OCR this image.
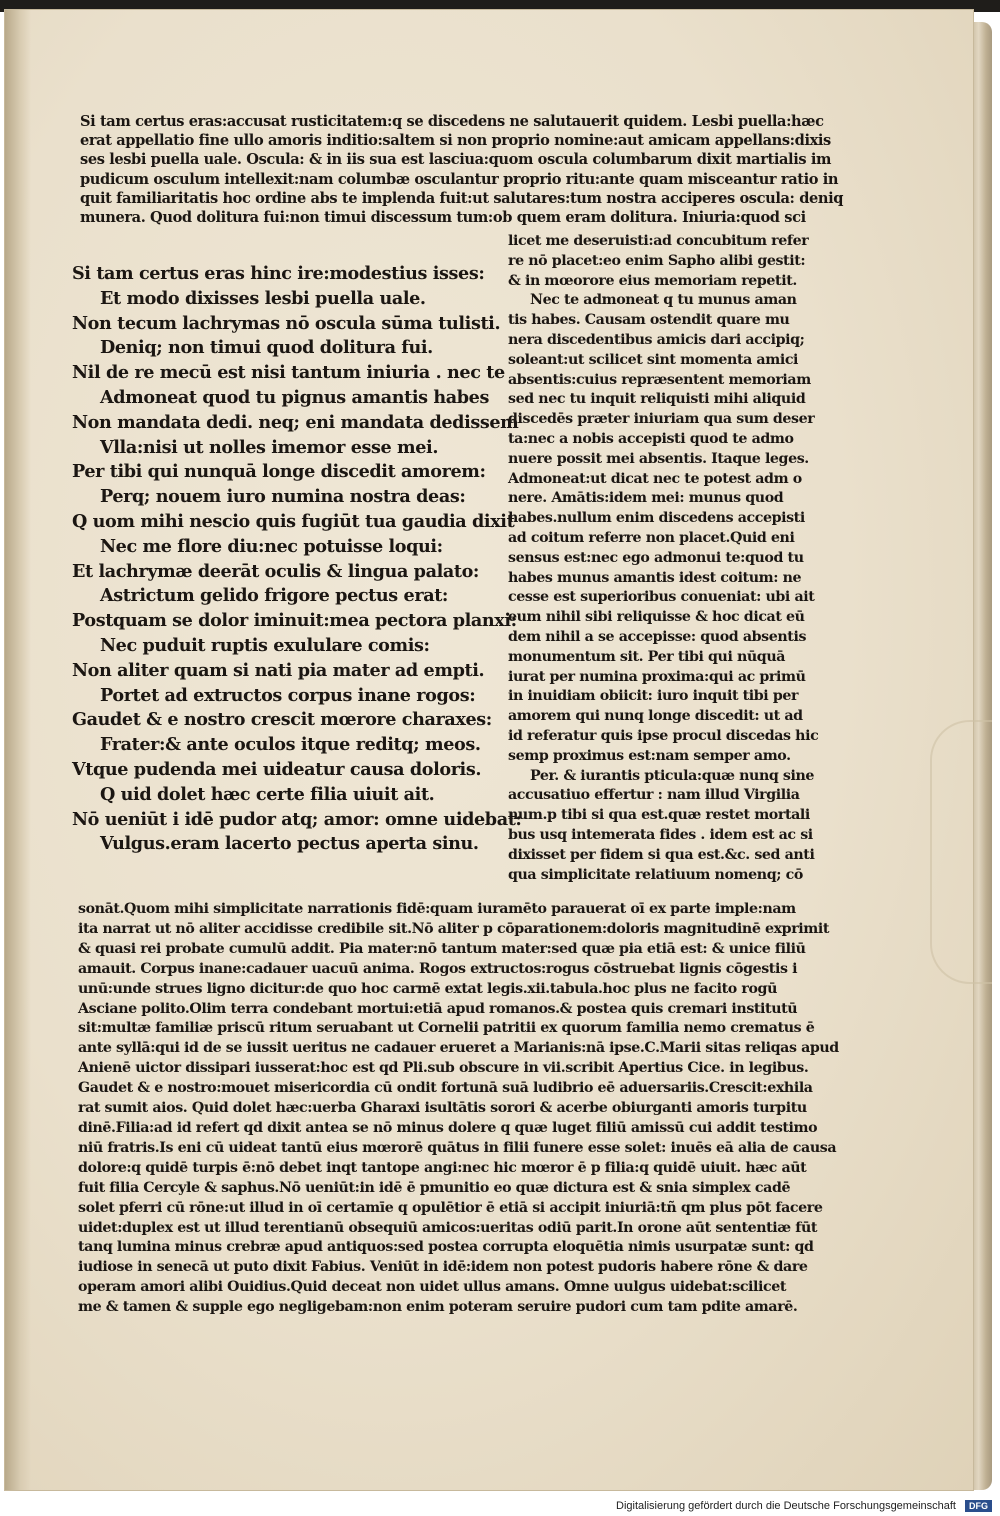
Si tam certus eras:accusat rusticitatem:q se discedens ne salutauerit quidem. Lesbi puella:hæc
erat appellatio fine ullo amoris inditio:saltem si non proprio nomine:aut amicam appellans:dixis
ses lesbi puella uale. Oscula: & in iis sua est lasciua:quom oscula columbarum dixit martialis im
pudicum osculum intellexit:nam columbæ osculantur proprio ritu:ante quam misceantur ratio in
quit familiaritatis hoc ordine abs te implenda fuit:ut salutares:tum nostra acciperes oscula: deniq
munera. Quod dolitura fui:non timui discessum tum:ob quem eram dolitura. Iniuria:quod sci
Si tam certus eras hinc ire:modestius isses:
Et modo dixisses lesbi puella uale.
Non tecum lachrymas nō oscula sūma tulisti.
Deniq; non timui quod dolitura fui.
Nil de re mecū est nisi tantum iniuria . nec te
Admoneat quod tu pignus amantis habes
Non mandata dedi. neq; eni mandata dedissem
Vlla:nisi ut nolles imemor esse mei.
Per tibi qui nunquā longe discedit amorem:
Perq; nouem iuro numina nostra deas:
Q uom mihi nescio quis fugiūt tua gaudia dixit
Nec me flore diu:nec potuisse loqui:
Et lachrymæ deerāt oculis & lingua palato:
Astrictum gelido frigore pectus erat:
Postquam se dolor iminuit:mea pectora planxi:
Nec puduit ruptis exululare comis:
Non aliter quam si nati pia mater ad empti.
Portet ad extructos corpus inane rogos:
Gaudet & e nostro crescit mœrore charaxes:
Frater:& ante oculos itque reditq; meos.
Vtque pudenda mei uideatur causa doloris.
Q uid dolet hæc certe filia uiuit ait.
Nō ueniūt i idē pudor atq; amor: omne uidebat:
Vulgus.eram lacerto pectus aperta sinu.
licet me deseruisti:ad concubitum refer
re nō placet:eo enim Sapho alibi gestit:
& in mœorore eius memoriam repetit.
Nec te admoneat q tu munus aman
tis habes. Causam ostendit quare mu
nera discedentibus amicis dari accipiq;
soleant:ut scilicet sint momenta amici
absentis:cuius repræsentent memoriam
sed nec tu inquit reliquisti mihi aliquid
discedēs præter iniuriam qua sum deser
ta:nec a nobis accepisti quod te admo
nuere possit mei absentis. Itaque leges.
Admoneat:ut dicat nec te potest adm o
nere. Amātis:idem mei: munus quod
habes.nullum enim discedens accepisti
ad coitum referre non placet.Quid eni
sensus est:nec ego admonui te:quod tu
habes munus amantis idest coitum: ne
cesse est superioribus conueniat: ubi ait
eum nihil sibi reliquisse & hoc dicat eū
dem nihil a se accepisse: quod absentis
monumentum sit. Per tibi qui nūquā
iurat per numina proxima:qui ac primū
in inuidiam obiicit: iuro inquit tibi per
amorem qui nunq longe discedit: ut ad
id referatur quis ipse procul discedas hic
semp proximus est:nam semper amo.
Per. & iurantis pticula:quæ nunq sine
accusatiuo effertur : nam illud Virgilia
num.p tibi si qua est.quæ restet mortali
bus usq intemerata fides . idem est ac si
dixisset per fidem si qua est.&c. sed anti
qua simplicitate relatiuum nomenq; cō
sonāt.Quom mihi simplicitate narrationis fidē:quam iuramēto parauerat oī ex parte imple:nam
ita narrat ut nō aliter accidisse credibile sit.Nō aliter p cōparationem:doloris magnitudinē exprimit
& quasi rei probate cumulū addit. Pia mater:nō tantum mater:sed quæ pia etiā est: & unice filiū
amauit. Corpus inane:cadauer uacuū anima. Rogos extructos:rogus cōstruebat lignis cōgestis i
unū:unde strues ligno dicitur:de quo hoc carmē extat legis.xii.tabula.hoc plus ne facito rogū
Asciane polito.Olim terra condebant mortui:etiā apud romanos.& postea quis cremari institutū
sit:multæ familiæ priscū ritum seruabant ut Cornelii patritii ex quorum familia nemo crematus ē
ante syllā:qui id de se iussit ueritus ne cadauer erueret a Marianis:nā ipse.C.Marii sitas reliqas apud
Anienē uictor dissipari iusserat:hoc est qd Pli.sub obscure in vii.scribit Apertius Cice. in legibus.
Gaudet & e nostro:mouet misericordia cū ondit fortunā suā ludibrio eē aduersariis.Crescit:exhila
rat sumit aios. Quid dolet hæc:uerba Gharaxi isultātis sorori & acerbe obiurganti amoris turpitu
dinē.Filia:ad id refert qd dixit antea se nō minus dolere q quæ luget filiū amissū cui addit testimo
niū fratris.Is eni cū uideat tantū eius mœrorē quātus in filii funere esse solet: inuēs eā alia de causa
dolore:q quidē turpis ē:nō debet inqt tantope angi:nec hic mœror ē p filia:q quidē uiuit. hæc aūt
fuit filia Cercyle & saphus.Nō ueniūt:in idē ē pmunitio eo quæ dictura est & snia simplex cadē
solet pferri cū rōne:ut illud in oī certamīe q opulētior ē etiā si accipit iniuriā:tñ qm plus pōt facere
uidet:duplex est ut illud terentianū obsequiū amicos:ueritas odiū parit.In orone aūt sententiæ fūt
tanq lumina minus crebræ apud antiquos:sed postea corrupta eloquētia nimis usurpatæ sunt: qd
iudiose in senecā ut puto dixit Fabius. Veniūt in idē:idem non potest pudoris habere rōne & dare
operam amori alibi Ouidius.Quid deceat non uidet ullus amans. Omne uulgus uidebat:scilicet
me & tamen & supple ego negligebam:non enim poteram seruire pudori cum tam pdite amarē.
Digitalisierung gefördert durch die Deutsche Forschungsgemeinschaft	DFG
